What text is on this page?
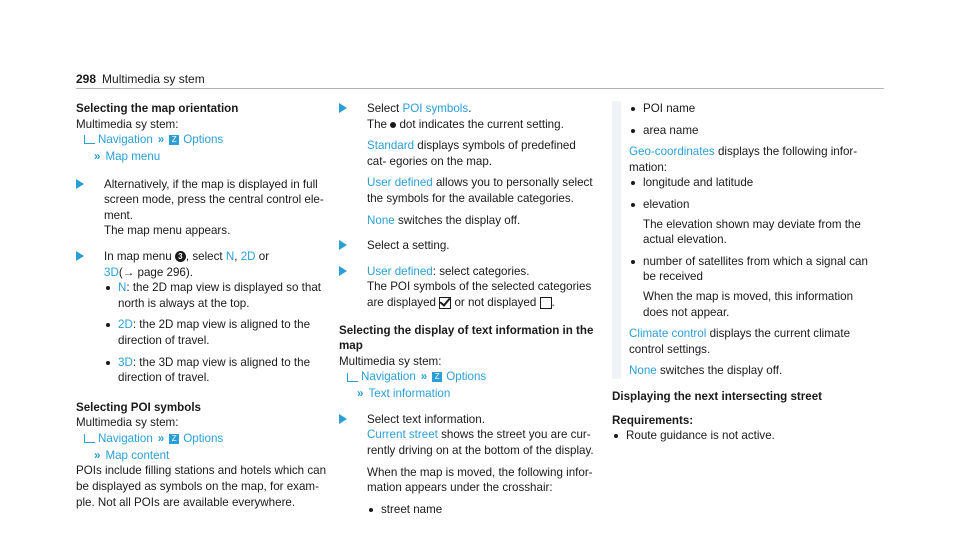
298 Multimedia sy stem
Selecting the map orientation
Multimedia sy stem:
Navigation » Z Options
» Map menu
Alternatively, if the map is displayed in full screen mode, press the central control ele- ment.
The map menu appears.
In map menu 3 , select N, 2D or
3D(→ page 296).
N: the 2D map view is displayed so that north is always at the top.
2D: the 2D map view is aligned to the direction of travel.
3D: the 3D map view is aligned to the direction of travel.
Selecting POI symbols
Multimedia sy stem:
Navigation » Z Options
» Map content
POIs include filling stations and hotels which can be displayed as symbols on the map, for exam- ple. Not all POIs are available everywhere.
Select POI symbols.
The dot indicates the current setting.
Standard displays symbols of predefined cat- egories on the map.
User defined allows you to personally select the symbols for the available categories.
None switches the display off.
Select a setting.
User defined: select categories.
The POI symbols of the selected categories are displayed or not displayed .
Selecting the display of text information in the map
Multimedia sy stem:
Navigation » Z Options
» Text information
Select text information.
Current street shows the street you are cur- rently driving on at the bottom of the display.
When the map is moved, the following infor- mation appears under the crosshair:
street name
POI name
area name
Geo-coordinates displays the following infor- mation:
longitude and latitude
elevation
The elevation shown may deviate from the actual elevation.
number of satellites from which a signal can be received
When the map is moved, this information does not appear.
Climate control displays the current climate control settings.
None switches the display off.
Displaying the next intersecting street
Requirements:
Route guidance is not active.
